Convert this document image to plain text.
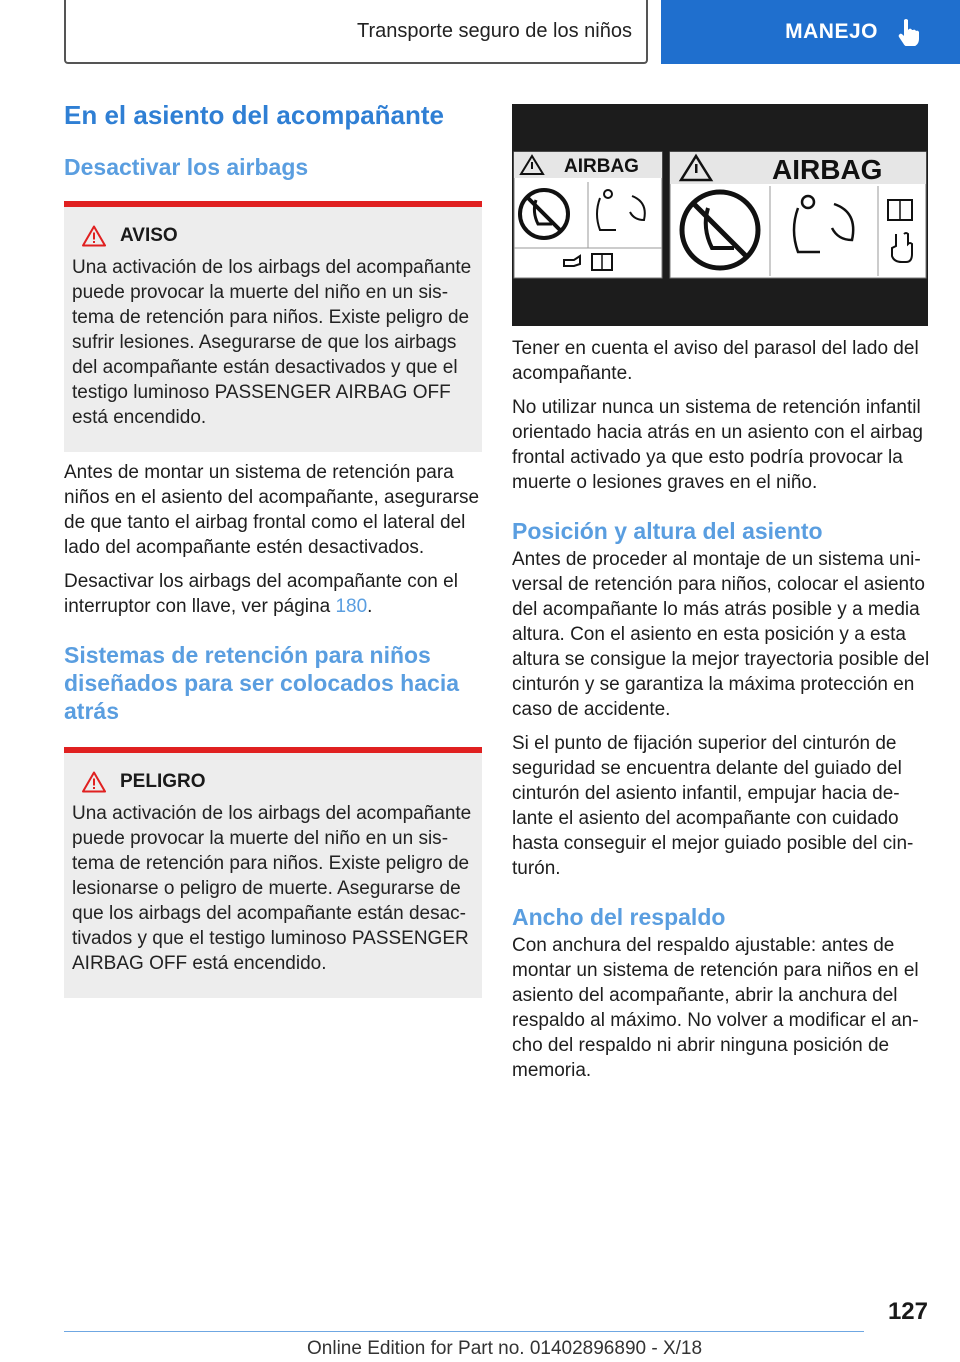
Transporte seguro de los niños	MANEJO
En el asiento del acompañante
Desactivar los airbags
AVISO

Una activación de los airbags del acompañante puede provocar la muerte del niño en un sistema de retención para niños. Existe peligro de sufrir lesiones. Asegurarse de que los airbags del acompañante están desactivados y que el testigo luminoso PASSENGER AIRBAG OFF está encendido.

Antes de montar un sistema de retención para niños en el asiento del acompañante, asegurarse de que tanto el airbag frontal como el lateral del lado del acompañante estén desactivados.

Desactivar los airbags del acompañante con el interruptor con llave, ver página 180.

Sistemas de retención para niños diseñados para ser colocados hacia atrás
PELIGRO

Una activación de los airbags del acompañante puede provocar la muerte del niño en un sistema de retención para niños. Existe peligro de lesionarse o peligro de muerte. Asegurarse de que los airbags del acompañante están desactivados y que el testigo luminoso PASSENGER AIRBAG OFF está encendido.

AIRBAG	AIRBAG

Tener en cuenta el aviso del parasol del lado del acompañante.

No utilizar nunca un sistema de retención infantil orientado hacia atrás en un asiento con el airbag frontal activado ya que esto podría provocar la muerte o lesiones graves en el niño.

Posición y altura del asiento

Antes de proceder al montaje de un sistema universal de retención para niños, colocar el asiento del acompañante lo más atrás posible y a media altura. Con el asiento en esta posición y a esta altura se consigue la mejor trayectoria posible del cinturón y se garantiza la máxima protección en caso de accidente.

Si el punto de fijación superior del cinturón de seguridad se encuentra delante del guiado del cinturón del asiento infantil, empujar hacia delante el asiento del acompañante con cuidado hasta conseguir el mejor guiado posible del cinturón.

Ancho del respaldo

Con anchura del respaldo ajustable: antes de montar un sistema de retención para niños en el asiento del acompañante, abrir la anchura del respaldo al máximo. No volver a modificar el ancho del respaldo ni abrir ninguna posición de memoria.

127
Online Edition for Part no. 01402896890 - X/18
